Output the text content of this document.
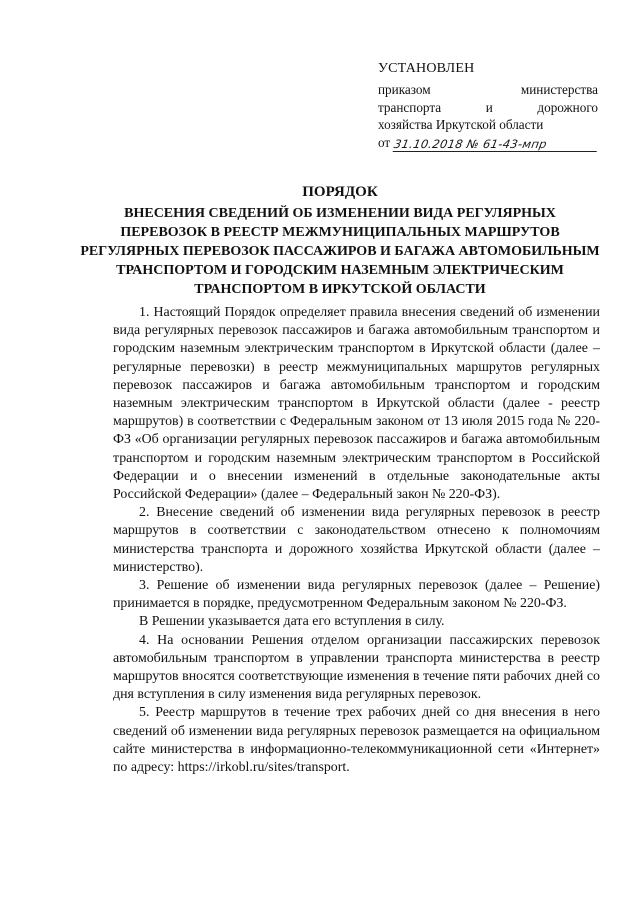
УСТАНОВЛЕН
приказом министерства
транспорта и дорожного
хозяйства Иркутской области
от 31.10.2018 № 61-43-мпр
ПОРЯДОК
ВНЕСЕНИЯ СВЕДЕНИЙ ОБ ИЗМЕНЕНИИ ВИДА РЕГУЛЯРНЫХ ПЕРЕВОЗОК В РЕЕСТР МЕЖМУНИЦИПАЛЬНЫХ МАРШРУТОВ РЕГУЛЯРНЫХ ПЕРЕВОЗОК ПАССАЖИРОВ И БАГАЖА АВТОМОБИЛЬНЫМ ТРАНСПОРТОМ И ГОРОДСКИМ НАЗЕМНЫМ ЭЛЕКТРИЧЕСКИМ ТРАНСПОРТОМ В ИРКУТСКОЙ ОБЛАСТИ

1. Настоящий Порядок определяет правила внесения сведений об изменении вида регулярных перевозок пассажиров и багажа автомобильным транспортом и городским наземным электрическим транспортом в Иркутской области (далее – регулярные перевозки) в реестр межмуниципальных маршрутов регулярных перевозок пассажиров и багажа автомобильным транспортом и городским наземным электрическим транспортом в Иркутской области (далее - реестр маршрутов) в соответствии с Федеральным законом от 13 июля 2015 года № 220-ФЗ «Об организации регулярных перевозок пассажиров и багажа автомобильным транспортом и городским наземным электрическим транспортом в Российской Федерации и о внесении изменений в отдельные законодательные акты Российской Федерации» (далее – Федеральный закон № 220-ФЗ).

2. Внесение сведений об изменении вида регулярных перевозок в реестр маршрутов в соответствии с законодательством отнесено к полномочиям министерства транспорта и дорожного хозяйства Иркутской области (далее – министерство).

3. Решение об изменении вида регулярных перевозок (далее – Решение) принимается в порядке, предусмотренном Федеральным законом № 220-ФЗ.

В Решении указывается дата его вступления в силу.

4. На основании Решения отделом организации пассажирских перевозок автомобильным транспортом в управлении транспорта министерства в реестр маршрутов вносятся соответствующие изменения в течение пяти рабочих дней со дня вступления в силу изменения вида регулярных перевозок.

5. Реестр маршрутов в течение трех рабочих дней со дня внесения в него сведений об изменении вида регулярных перевозок размещается на официальном сайте министерства в информационно-телекоммуникационной сети «Интернет» по адресу: https://irkobl.ru/sites/transport.
